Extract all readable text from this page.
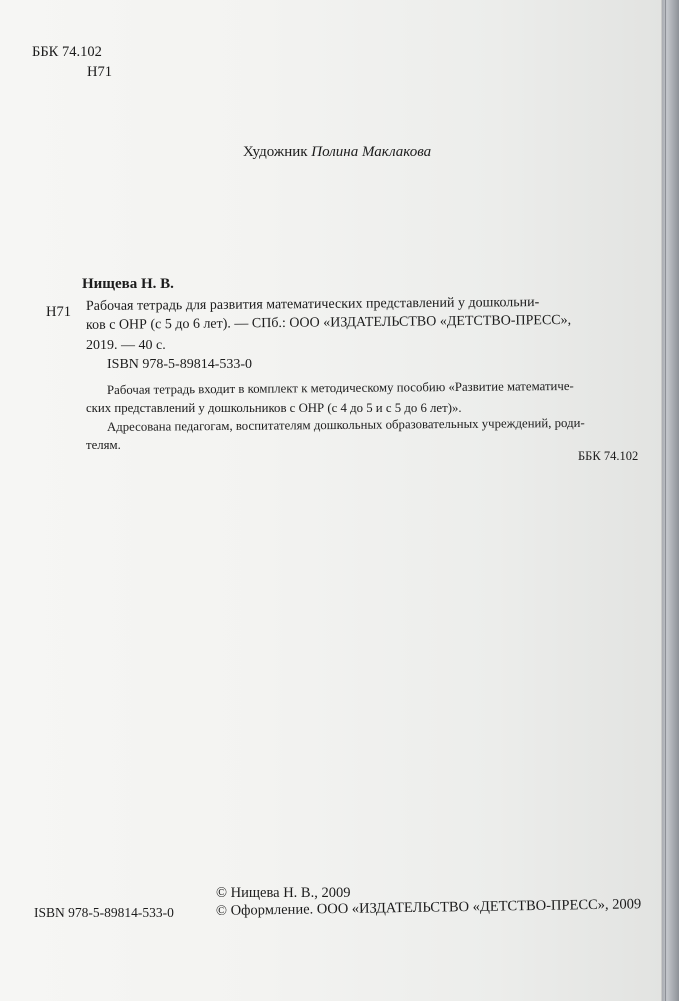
ББК 74.102
Н71
Художник Полина Маклакова
Нищева Н. В.
Н71 Рабочая тетрадь для развития математических представлений у дошкольни-
ков с ОНР (с 5 до 6 лет). — СПб.: ООО «ИЗДАТЕЛЬСТВО «ДЕТСТВО-ПРЕСС»,
2019. — 40 с.
ISBN 978-5-89814-533-0
Рабочая тетрадь входит в комплект к методическому пособию «Развитие математиче-
ских представлений у дошкольников с ОНР (с 4 до 5 и с 5 до 6 лет)».
Адресована педагогам, воспитателям дошкольных образовательных учреждений, роди-
телям.
ББК 74.102
© Нищева Н. В., 2009
ISBN 978-5-89814-533-0	© Оформление. ООО «ИЗДАТЕЛЬСТВО «ДЕТСТВО-ПРЕСС», 2009
